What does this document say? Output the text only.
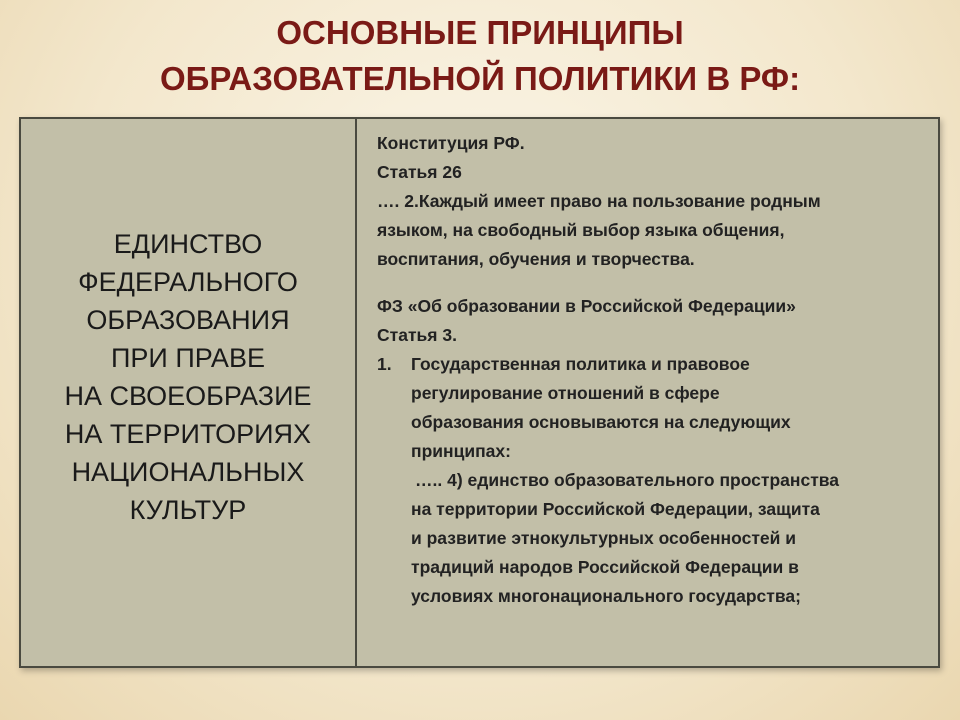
ОСНОВНЫЕ ПРИНЦИПЫ
ОБРАЗОВАТЕЛЬНОЙ ПОЛИТИКИ В РФ:
ЕДИНСТВО
ФЕДЕРАЛЬНОГО
ОБРАЗОВАНИЯ
ПРИ ПРАВЕ
НА СВОЕОБРАЗИЕ
НА ТЕРРИТОРИЯХ
НАЦИОНАЛЬНЫХ
КУЛЬТУР

Конституция РФ.

Статья 26

…. 2.Каждый имеет право на пользование родным

языком, на свободный выбор языка общения,

воспитания, обучения и творчества.

ФЗ «Об образовании в Российской Федерации»

Статья 3.

1.	Государственная политика и правовое
регулирование отношений в сфере
образования основываются на следующих
принципах:
….. 4) единство образовательного пространства
на территории Российской Федерации, защита
и развитие этнокультурных особенностей и
традиций народов Российской Федерации в
условиях многонационального государства;
